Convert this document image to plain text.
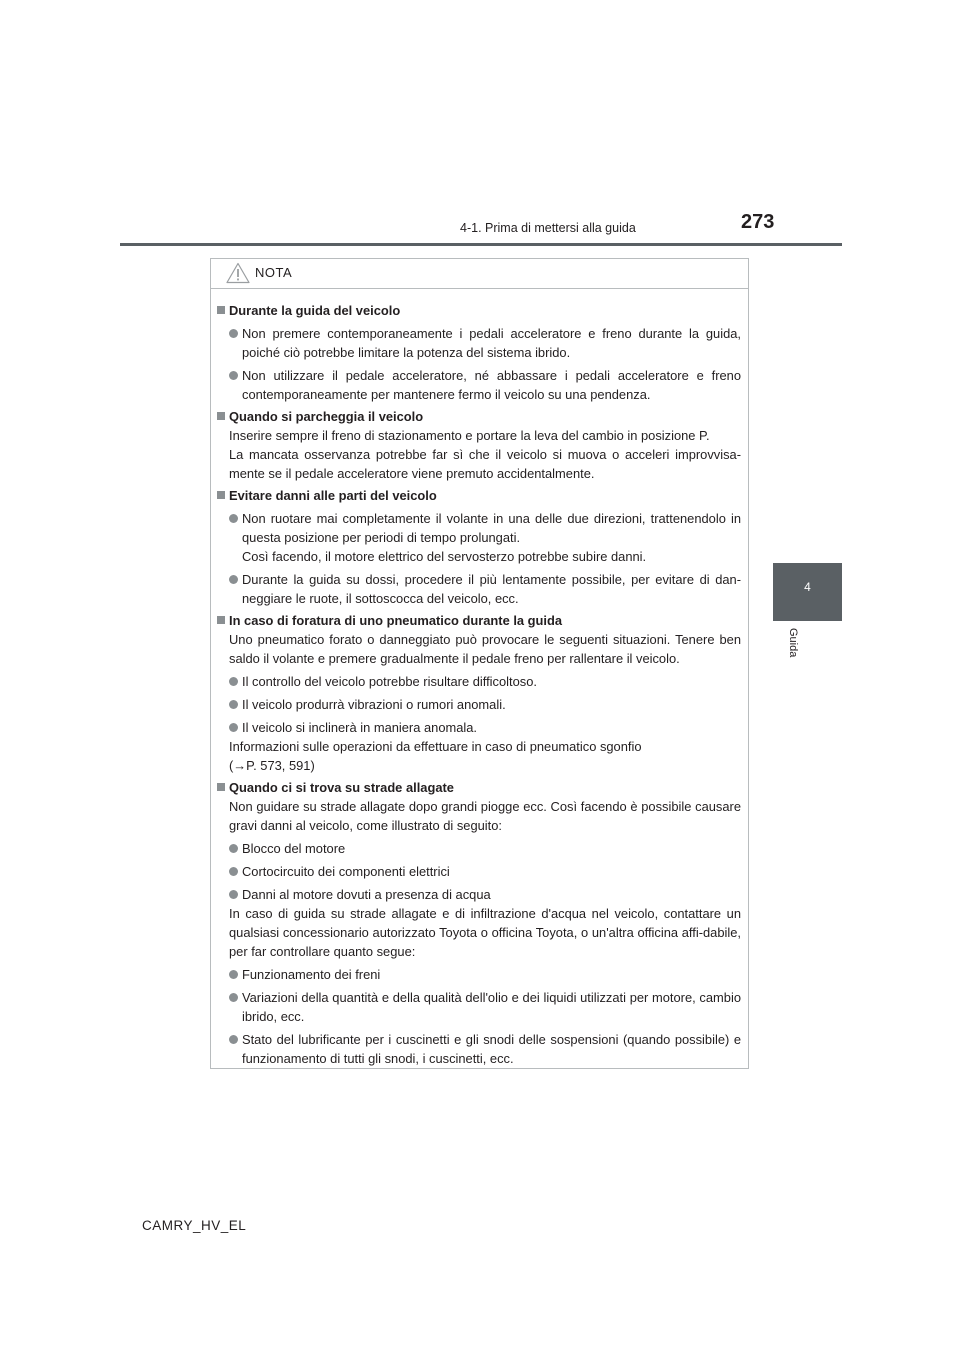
4-1. Prima di mettersi alla guida	273
4
Guida
NOTA
Durante la guida del veicolo
Non premere contemporaneamente i pedali acceleratore e freno durante la guida, poiché ciò potrebbe limitare la potenza del sistema ibrido.
Non utilizzare il pedale acceleratore, né abbassare i pedali acceleratore e freno contemporaneamente per mantenere fermo il veicolo su una pendenza.
Quando si parcheggia il veicolo
Inserire sempre il freno di stazionamento e portare la leva del cambio in posizione P.
La mancata osservanza potrebbe far sì che il veicolo si muova o acceleri improvvisa-mente se il pedale acceleratore viene premuto accidentalmente.
Evitare danni alle parti del veicolo
Non ruotare mai completamente il volante in una delle due direzioni, trattenendolo in questa posizione per periodi di tempo prolungati.
Così facendo, il motore elettrico del servosterzo potrebbe subire danni.
Durante la guida su dossi, procedere il più lentamente possibile, per evitare di dan-neggiare le ruote, il sottoscocca del veicolo, ecc.
In caso di foratura di uno pneumatico durante la guida
Uno pneumatico forato o danneggiato può provocare le seguenti situazioni. Tenere ben saldo il volante e premere gradualmente il pedale freno per rallentare il veicolo.
Il controllo del veicolo potrebbe risultare difficoltoso.
Il veicolo produrrà vibrazioni o rumori anomali.
Il veicolo si inclinerà in maniera anomala.
Informazioni sulle operazioni da effettuare in caso di pneumatico sgonfio
(→P. 573, 591)
Quando ci si trova su strade allagate
Non guidare su strade allagate dopo grandi piogge ecc. Così facendo è possibile causare gravi danni al veicolo, come illustrato di seguito:
Blocco del motore
Cortocircuito dei componenti elettrici
Danni al motore dovuti a presenza di acqua
In caso di guida su strade allagate e di infiltrazione d'acqua nel veicolo, contattare un qualsiasi concessionario autorizzato Toyota o officina Toyota, o un'altra officina affi-dabile, per far controllare quanto segue:
Funzionamento dei freni
Variazioni della quantità e della qualità dell'olio e dei liquidi utilizzati per motore, cambio ibrido, ecc.
Stato del lubrificante per i cuscinetti e gli snodi delle sospensioni (quando possibile) e funzionamento di tutti gli snodi, i cuscinetti, ecc.
CAMRY_HV_EL
